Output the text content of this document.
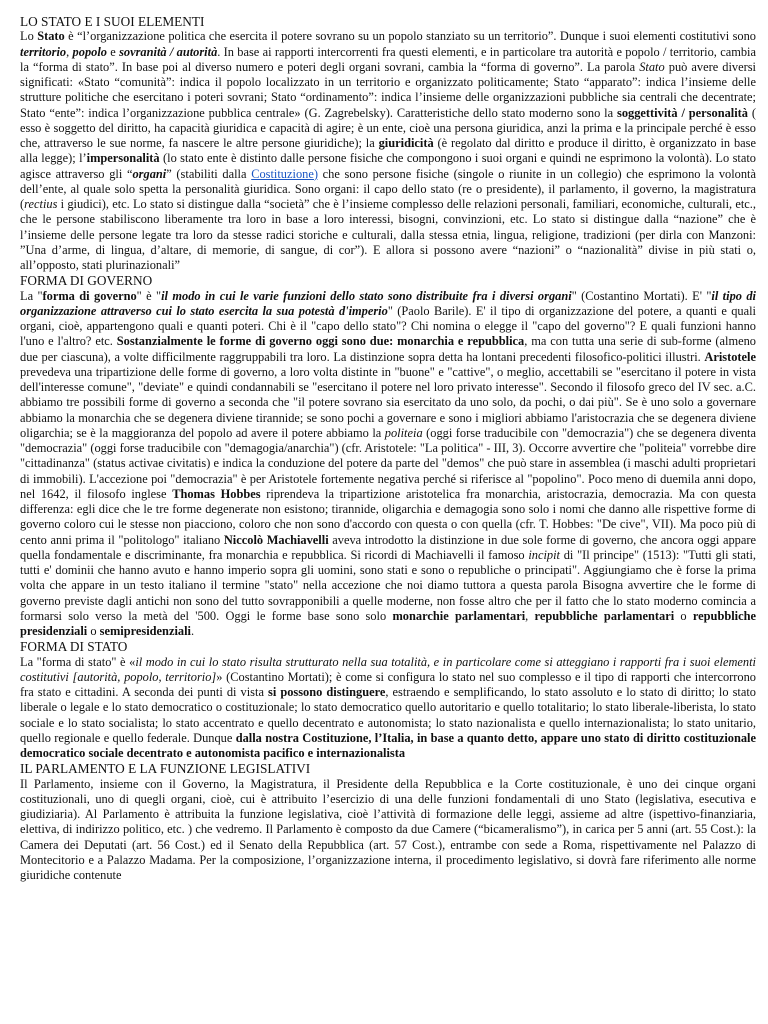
LO STATO E I SUOI ELEMENTI

Lo Stato è “l’organizzazione politica che esercita il potere sovrano su un popolo stanziato su un territorio”. Dunque i suoi elementi costitutivi sono territorio, popolo e sovranità / autorità. In base ai rapporti intercorrenti fra questi elementi, e in particolare tra autorità e popolo / territorio, cambia la “forma di stato”. In base poi al diverso numero e poteri degli organi sovrani, cambia la “forma di governo”. La parola Stato può avere diversi significati: «Stato “comunità”: indica il popolo localizzato in un territorio e organizzato politicamente; Stato “apparato”: indica l’insieme delle strutture politiche che esercitano i poteri sovrani; Stato “ordinamento”: indica l’insieme delle organizzazioni pubbliche sia centrali che decentrate; Stato “ente”: indica l’organizzazione pubblica centrale» (G. Zagrebelsky). Caratteristiche dello stato moderno sono la soggettività / personalità ( esso è soggetto del diritto, ha capacità giuridica e capacità di agire; è un ente, cioè una persona giuridica, anzi la prima e la principale perché è esso che, attraverso le sue norme, fa nascere le altre persone giuridiche); la giuridicità (è regolato dal diritto e produce il diritto, è organizzato in base alla legge); l’impersonalità (lo stato ente è distinto dalle persone fisiche che compongono i suoi organi e quindi ne esprimono la volontà). Lo stato agisce attraverso gli “organi” (stabiliti dalla Costituzione) che sono persone fisiche (singole o riunite in un collegio) che esprimono la volontà dell’ente, al quale solo spetta la personalità giuridica. Sono organi: il capo dello stato (re o presidente), il parlamento, il governo, la magistratura (rectius i giudici), etc. Lo stato si distingue dalla “società” che è l’insieme complesso delle relazioni personali, familiari, economiche, culturali, etc., che le persone stabiliscono liberamente tra loro in base a loro interessi, bisogni, convinzioni, etc. Lo stato si distingue dalla “nazione” che è l’insieme delle persone legate tra loro da stesse radici storiche e culturali, dalla stessa etnia, lingua, religione, tradizioni (per dirla con Manzoni: ”Una d’arme, di lingua, d’altare, di memorie, di sangue, di cor”). E allora si possono avere “nazioni” o “nazionalità” divise in più stati o, all’opposto, stati plurinazionali”

FORMA DI GOVERNO

La "forma di governo" è "il modo in cui le varie funzioni dello stato sono distribuite fra i diversi organi" (Costantino Mortati). E' "il tipo di organizzazione attraverso cui lo stato esercita la sua potestà d'imperio" (Paolo Barile). E' il tipo di organizzazione del potere, a quanti e quali organi, cioè, appartengono quali e quanti poteri. Chi è il "capo dello stato"? Chi nomina o elegge il "capo del governo"? E quali funzioni hanno l'uno e l'altro? etc. Sostanzialmente le forme di governo oggi sono due: monarchia e repubblica, ma con tutta una serie di sub-forme (almeno due per ciascuna), a volte difficilmente raggruppabili tra loro. La distinzione sopra detta ha lontani precedenti filosofico-politici illustri. Aristotele prevedeva una tripartizione delle forme di governo, a loro volta distinte in "buone" e "cattive", o meglio, accettabili se "esercitano il potere in vista dell'interesse comune", "deviate" e quindi condannabili se "esercitano il potere nel loro privato interesse". Secondo il filosofo greco del IV sec. a.C. abbiamo tre possibili forme di governo a seconda che "il potere sovrano sia esercitato da uno solo, da pochi, o dai più". Se è uno solo a governare abbiamo la monarchia che se degenera diviene tirannide; se sono pochi a governare e sono i migliori abbiamo l'aristocrazia che se degenera diviene oligarchia; se è la maggioranza del popolo ad avere il potere abbiamo la politeia (oggi forse traducibile con "democrazia") che se degenera diventa "democrazia" (oggi forse traducibile con "demagogia/anarchia") (cfr. Aristotele: "La politica" - III, 3). Occorre avvertire che "politeia" vorrebbe dire "cittadinanza" (status activae civitatis) e indica la conduzione del potere da parte del "demos" che può stare in assemblea (i maschi adulti proprietari di immobili). L'accezione poi "democrazia" è per Aristotele fortemente negativa perché si riferisce al "popolino". Poco meno di duemila anni dopo, nel 1642, il filosofo inglese Thomas Hobbes riprendeva la tripartizione aristotelica fra monarchia, aristocrazia, democrazia. Ma con questa differenza: egli dice che le tre forme degenerate non esistono; tirannide, oligarchia e demagogia sono solo i nomi che danno alle rispettive forme di governo coloro cui le stesse non piacciono, coloro che non sono d'accordo con questa o con quella (cfr. T. Hobbes: "De cive", VII). Ma poco più di cento anni prima il "politologo" italiano Niccolò Machiavelli aveva introdotto la distinzione in due sole forme di governo, che ancora oggi appare quella fondamentale e discriminante, fra monarchia e repubblica. Si ricordi di Machiavelli il famoso incipit di "Il principe" (1513): "Tutti gli stati, tutti e' dominii che hanno avuto e hanno imperio sopra gli uomini, sono stati e sono o republiche o principati". Aggiungiamo che è forse la prima volta che appare in un testo italiano il termine "stato" nella accezione che noi diamo tuttora a questa parola Bisogna avvertire che le forme di governo previste dagli antichi non sono del tutto sovrapponibili a quelle moderne, non fosse altro che per il fatto che lo stato moderno comincia a formarsi solo verso la metà del '500. Oggi le forme base sono solo monarchie parlamentari, repubbliche parlamentari o repubbliche presidenziali o semipresidenziali.

FORMA DI STATO

La "forma di stato" è «il modo in cui lo stato risulta strutturato nella sua totalità, e in particolare come si atteggiano i rapporti fra i suoi elementi costitutivi [autorità, popolo, territorio]» (Costantino Mortati); è come si configura lo stato nel suo complesso e il tipo di rapporti che intercorrono fra stato e cittadini. A seconda dei punti di vista si possono distinguere, estraendo e semplificando, lo stato assoluto e lo stato di diritto; lo stato liberale o legale e lo stato democratico o costituzionale; lo stato democratico quello autoritario e quello totalitario; lo stato liberale-liberista, lo stato sociale e lo stato socialista; lo stato accentrato e quello decentrato e autonomista; lo stato nazionalista e quello internazionalista; lo stato unitario, quello regionale e quello federale. Dunque dalla nostra Costituzione, l’Italia, in base a quanto detto, appare uno stato di diritto costituzionale democratico sociale decentrato e autonomista pacifico e internazionalista

IL PARLAMENTO E LA FUNZIONE LEGISLATIVI

Il Parlamento, insieme con il Governo, la Magistratura, il Presidente della Repubblica e la Corte costituzionale, è uno dei cinque organi costituzionali, uno di quegli organi, cioè, cui è attribuito l’esercizio di una delle funzioni fondamentali di uno Stato (legislativa, esecutiva e giudiziaria). Al Parlamento è attribuita la funzione legislativa, cioè l’attività di formazione delle leggi, assieme ad altre (ispettivo-finanziaria, elettiva, di indirizzo politico, etc. ) che vedremo. Il Parlamento è composto da due Camere (“bicameralismo”), in carica per 5 anni (art. 55 Cost.): la Camera dei Deputati (art. 56 Cost.) ed il Senato della Repubblica (art. 57 Cost.), entrambe con sede a Roma, rispettivamente nel Palazzo di Montecitorio e a Palazzo Madama. Per la composizione, l’organizzazione interna, il procedimento legislativo, si dovrà fare riferimento alle norme giuridiche contenute
